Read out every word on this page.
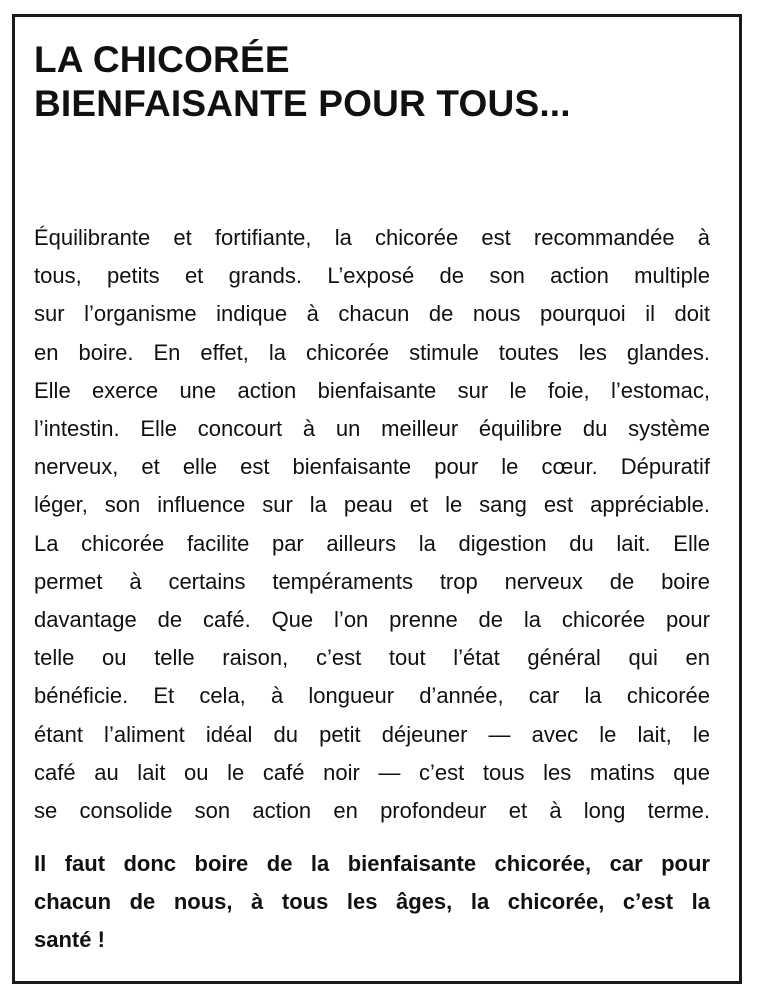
LA CHICORÉE
BIENFAISANTE POUR TOUS...

Équilibrante et fortifiante, la chicorée est recommandée à
tous, petits et grands. L’exposé de son action multiple
sur l’organisme indique à chacun de nous pourquoi il doit
en boire. En effet, la chicorée stimule toutes les glandes.
Elle exerce une action bienfaisante sur le foie, l’estomac,
l’intestin. Elle concourt à un meilleur équilibre du système
nerveux, et elle est bienfaisante pour le cœur. Dépuratif
léger, son influence sur la peau et le sang est appréciable.
La chicorée facilite par ailleurs la digestion du lait. Elle
permet à certains tempéraments trop nerveux de boire
davantage de café. Que l’on prenne de la chicorée pour
telle ou telle raison, c’est tout l’état général qui en
bénéficie. Et cela, à longueur d’année, car la chicorée
étant l’aliment idéal du petit déjeuner — avec le lait, le
café au lait ou le café noir — c’est tous les matins que
se consolide son action en profondeur et à long terme.

Il faut donc boire de la bienfaisante chicorée, car pour
chacun de nous, à tous les âges, la chicorée, c’est la
santé !
